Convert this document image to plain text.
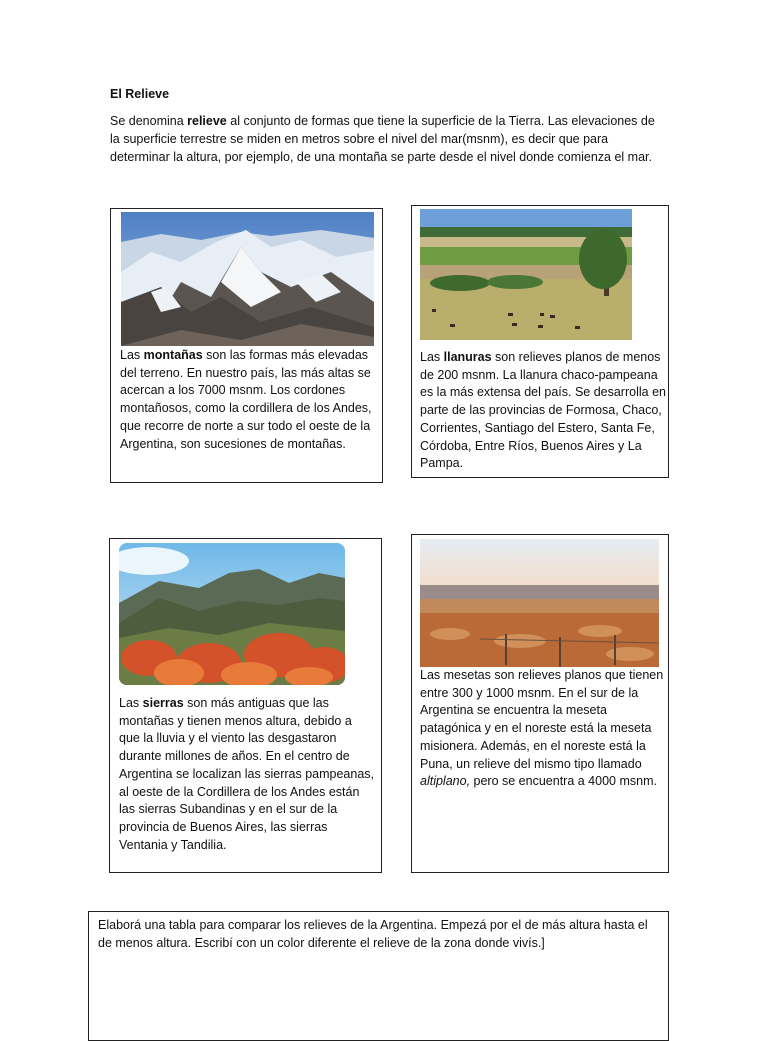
El Relieve
Se denomina relieve al conjunto de formas que tiene la superficie de la Tierra. Las elevaciones de la superficie terrestre se miden en metros sobre el nivel del mar(msnm), es decir que para determinar la altura, por ejemplo, de una montaña se parte desde el nivel donde comienza el mar.

Las montañas son las formas más elevadas del terreno. En nuestro país, las más altas se acercan a los 7000 msnm. Los cordones montañosos, como la cordillera de los Andes, que recorre de norte a sur todo el oeste de la Argentina, son sucesiones de montañas.

Las llanuras son relieves planos de menos de 200 msnm. La llanura chaco-pampeana es la más extensa del país. Se desarrolla en parte de las provincias de Formosa, Chaco, Corrientes, Santiago del Estero, Santa Fe, Córdoba, Entre Ríos, Buenos Aires y La Pampa.

Las sierras son más antiguas que las montañas y tienen menos altura, debido a que la lluvia y el viento las desgastaron durante millones de años. En el centro de Argentina se localizan las sierras pampeanas, al oeste de la Cordillera de los Andes están las sierras Subandinas y en el sur de la provincia de Buenos Aires, las sierras Ventania y Tandilia.

Las mesetas son relieves planos que tienen entre 300 y 1000 msnm. En el sur de la Argentina se encuentra la meseta patagónica y en el noreste está la meseta misionera. Además, en el noreste está la Puna, un relieve del mismo tipo llamado altiplano, pero se encuentra a 4000 msnm.

Elaborá una tabla para comparar los relieves de la Argentina. Empezá por el de más altura hasta el de menos altura. Escribí con un color diferente el relieve de la zona donde vivís.]
